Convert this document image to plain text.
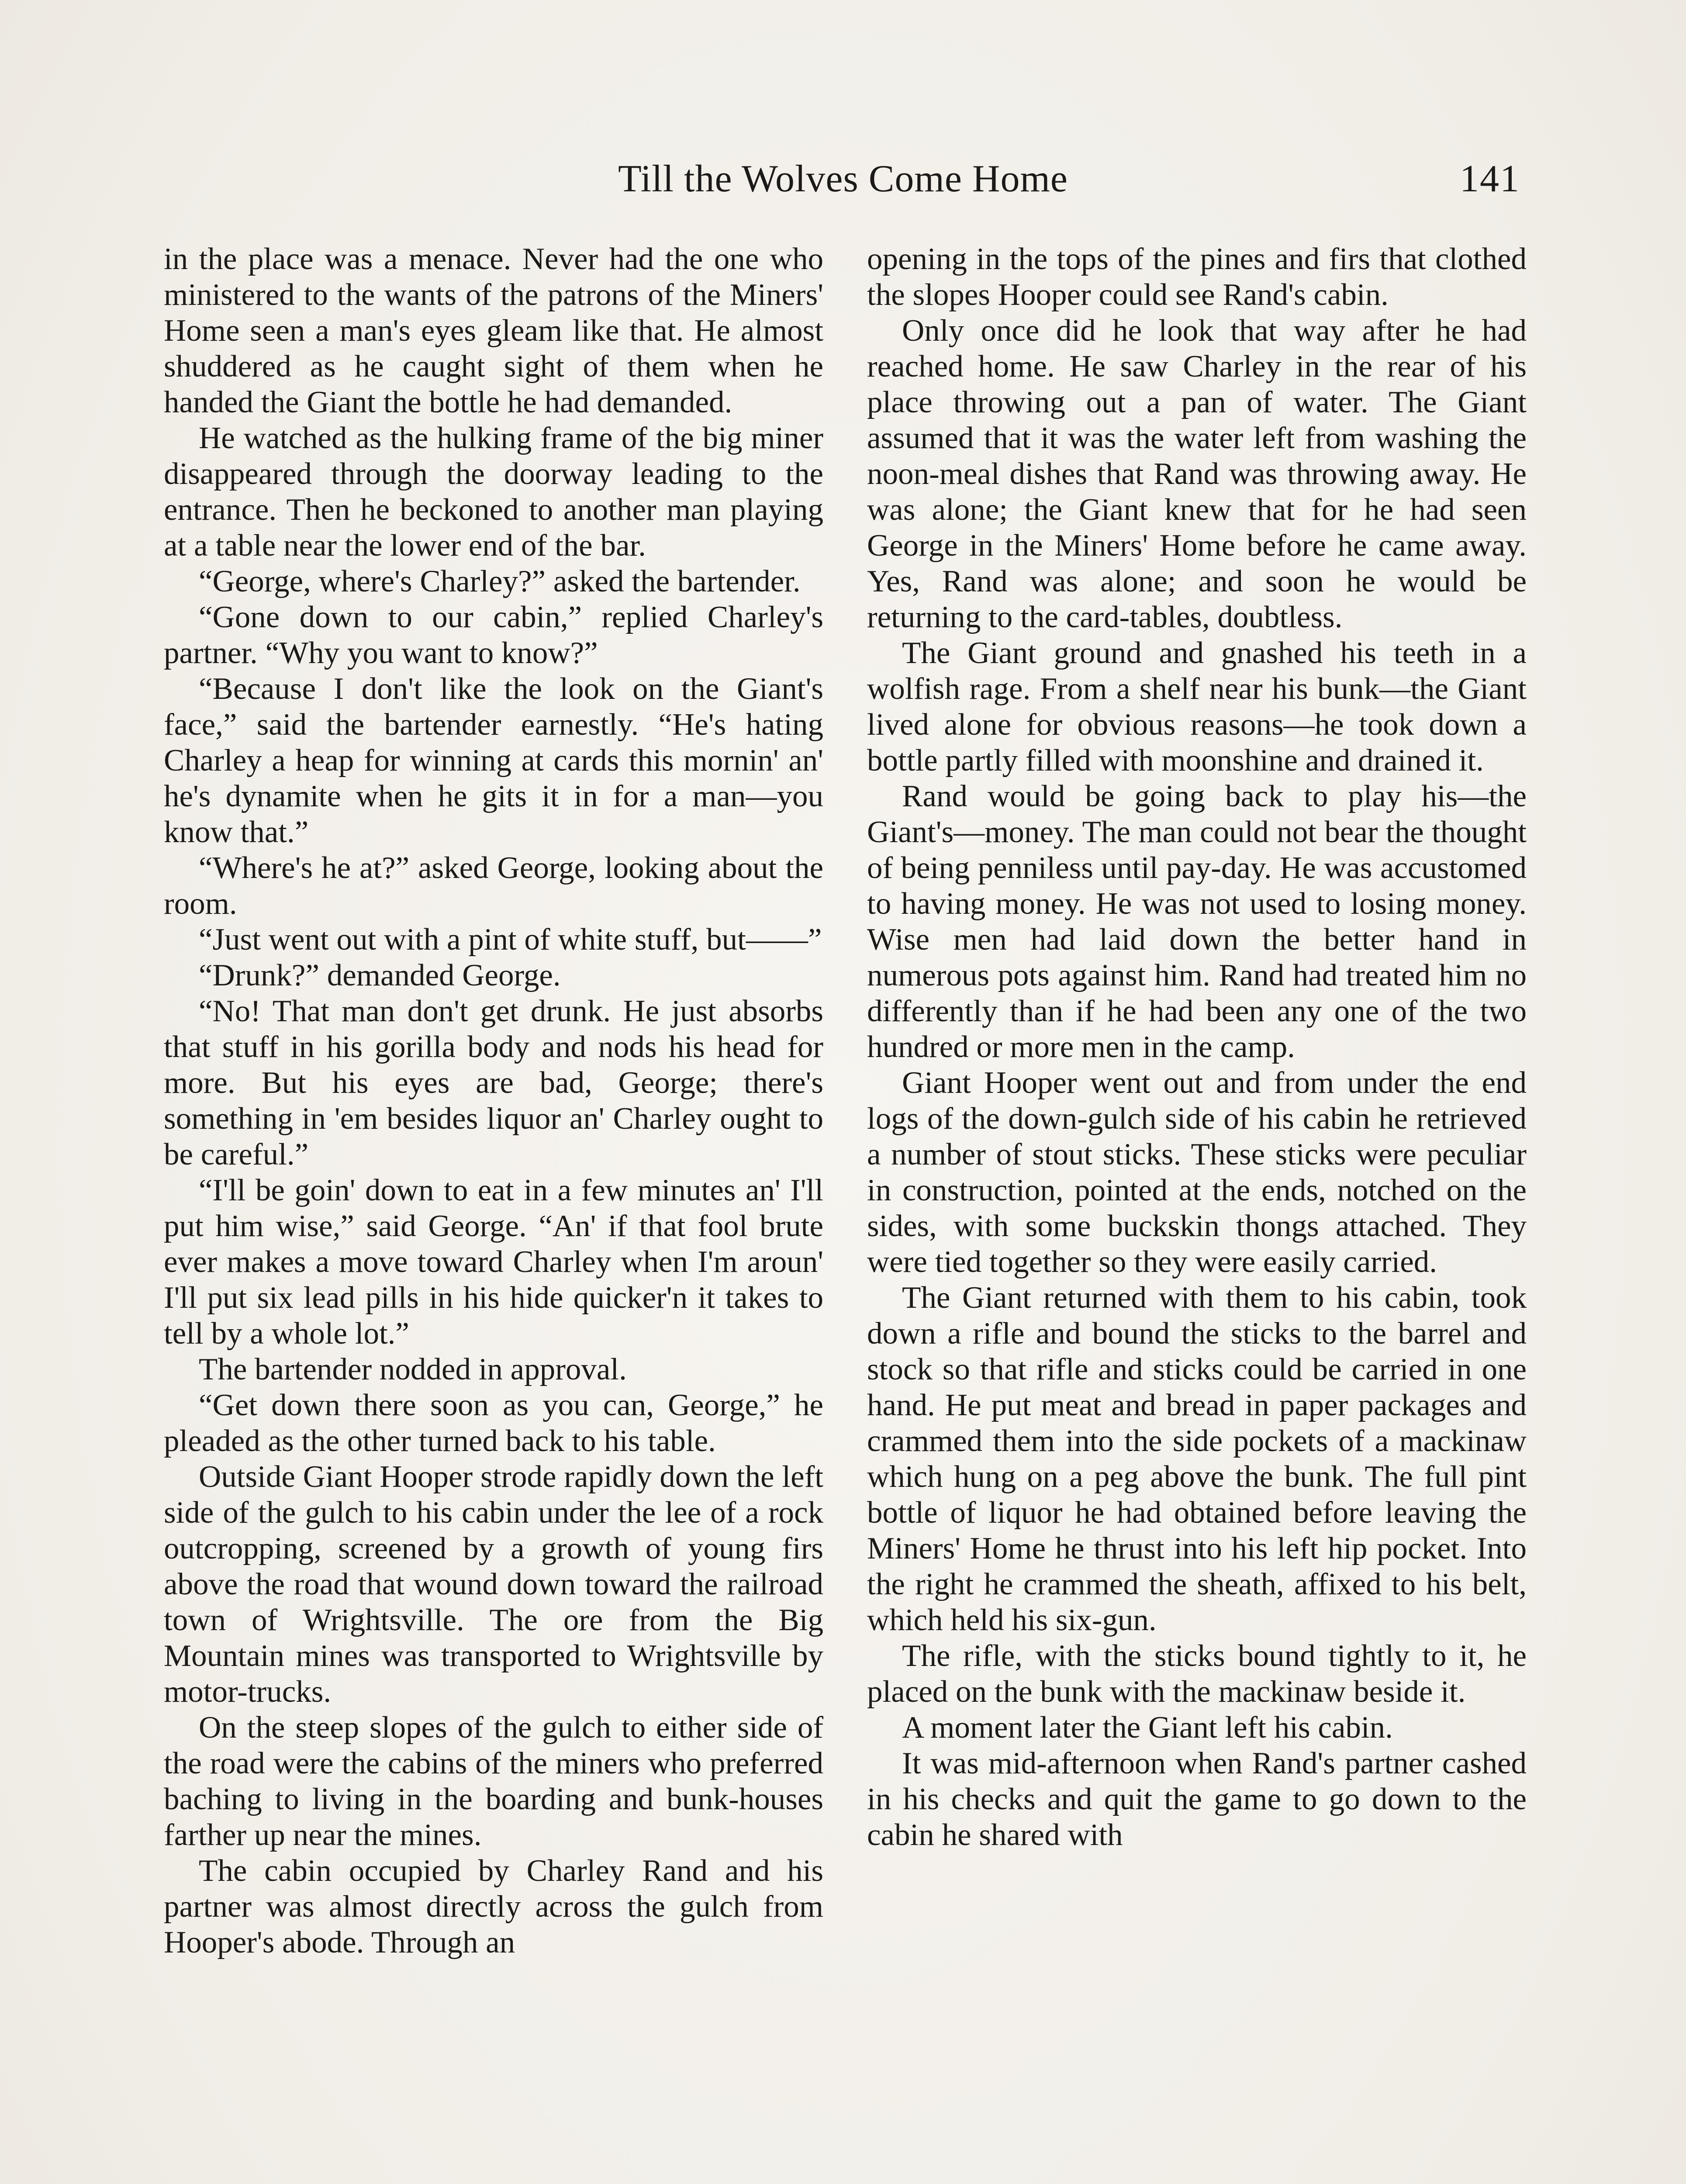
Till the Wolves Come Home	141

in the place was a menace. Never had the one who ministered to the wants of the patrons of the Miners' Home seen a man's eyes gleam like that. He almost shuddered as he caught sight of them when he handed the Giant the bottle he had demanded.

He watched as the hulking frame of the big miner disappeared through the doorway leading to the entrance. Then he beckoned to another man playing at a table near the lower end of the bar.

“George, where's Charley?” asked the bartender.

“Gone down to our cabin,” replied Charley's partner. “Why you want to know?”

“Because I don't like the look on the Giant's face,” said the bartender earnestly. “He's hating Charley a heap for winning at cards this mornin' an' he's dynamite when he gits it in for a man—you know that.”

“Where's he at?” asked George, looking about the room.

“Just went out with a pint of white stuff, but——”

“Drunk?” demanded George.

“No! That man don't get drunk. He just absorbs that stuff in his gorilla body and nods his head for more. But his eyes are bad, George; there's something in 'em besides liquor an' Charley ought to be careful.”

“I'll be goin' down to eat in a few minutes an' I'll put him wise,” said George. “An' if that fool brute ever makes a move toward Charley when I'm aroun' I'll put six lead pills in his hide quicker'n it takes to tell by a whole lot.”

The bartender nodded in approval.

“Get down there soon as you can, George,” he pleaded as the other turned back to his table.

Outside Giant Hooper strode rapidly down the left side of the gulch to his cabin under the lee of a rock outcropping, screened by a growth of young firs above the road that wound down toward the railroad town of Wrightsville. The ore from the Big Mountain mines was transported to Wrightsville by motor-trucks.

On the steep slopes of the gulch to either side of the road were the cabins of the miners who preferred baching to living in the boarding and bunk-houses farther up near the mines.

The cabin occupied by Charley Rand and his partner was almost directly across the gulch from Hooper's abode. Through an

opening in the tops of the pines and firs that clothed the slopes Hooper could see Rand's cabin.

Only once did he look that way after he had reached home. He saw Charley in the rear of his place throwing out a pan of water. The Giant assumed that it was the water left from washing the noon-meal dishes that Rand was throwing away. He was alone; the Giant knew that for he had seen George in the Miners' Home before he came away. Yes, Rand was alone; and soon he would be returning to the card-tables, doubtless.

The Giant ground and gnashed his teeth in a wolfish rage. From a shelf near his bunk—the Giant lived alone for obvious reasons—he took down a bottle partly filled with moonshine and drained it.

Rand would be going back to play his—the Giant's—money. The man could not bear the thought of being penniless until pay-day. He was accustomed to having money. He was not used to losing money. Wise men had laid down the better hand in numerous pots against him. Rand had treated him no differently than if he had been any one of the two hundred or more men in the camp.

Giant Hooper went out and from under the end logs of the down-gulch side of his cabin he retrieved a number of stout sticks. These sticks were peculiar in construction, pointed at the ends, notched on the sides, with some buckskin thongs attached. They were tied together so they were easily carried.

The Giant returned with them to his cabin, took down a rifle and bound the sticks to the barrel and stock so that rifle and sticks could be carried in one hand. He put meat and bread in paper packages and crammed them into the side pockets of a mackinaw which hung on a peg above the bunk. The full pint bottle of liquor he had obtained before leaving the Miners' Home he thrust into his left hip pocket. Into the right he crammed the sheath, affixed to his belt, which held his six-gun.

The rifle, with the sticks bound tightly to it, he placed on the bunk with the mackinaw beside it.

A moment later the Giant left his cabin.

It was mid-afternoon when Rand's partner cashed in his checks and quit the game to go down to the cabin he shared with
